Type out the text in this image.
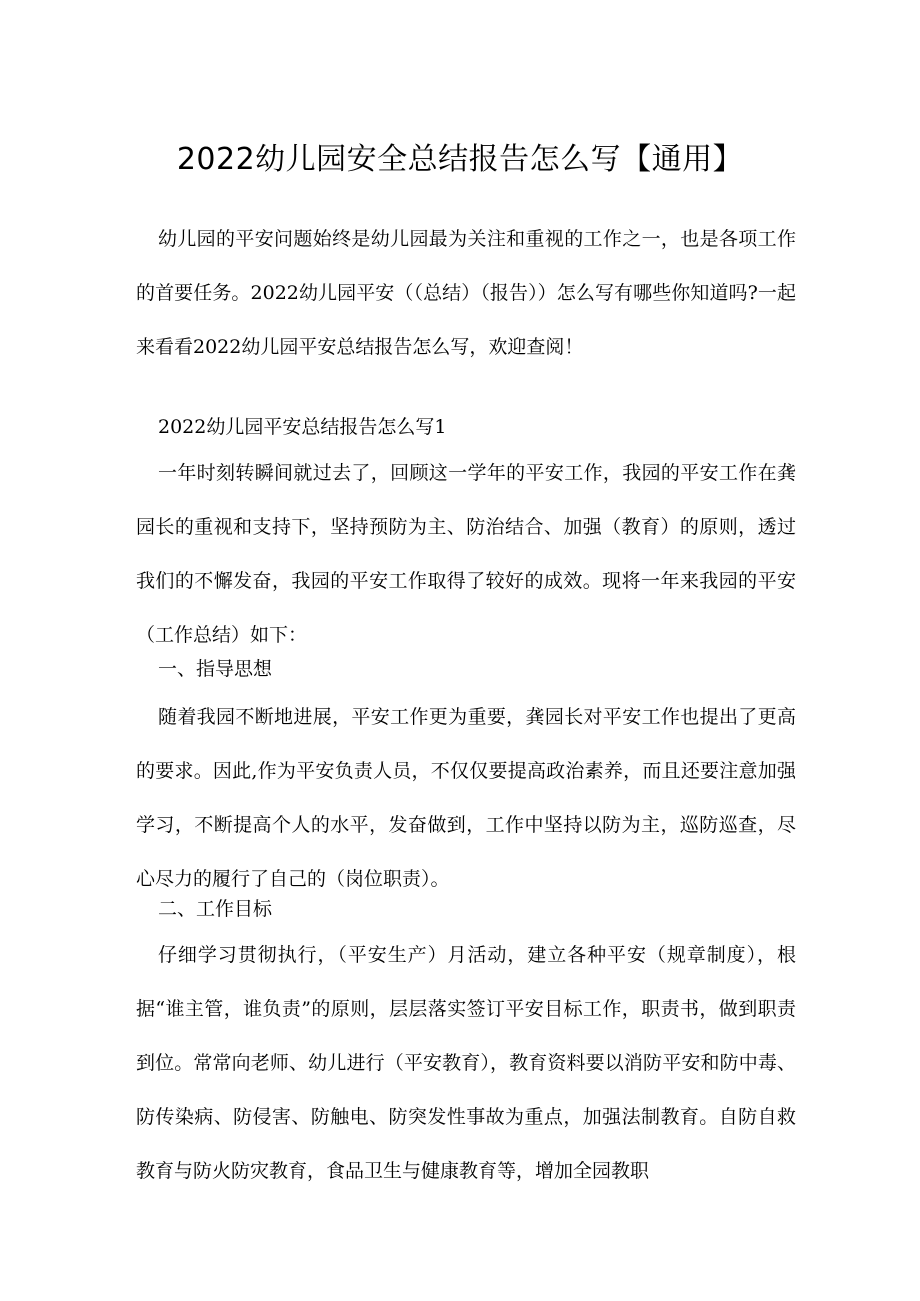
2022幼儿园安全总结报告怎么写【通用】

幼儿园的平安问题始终是幼儿园最为关注和重视的工作之一，也是各项工作的首要任务。2022幼儿园平安（（总结）（报告））怎么写有哪些你知道吗?一起来看看2022幼儿园平安总结报告怎么写，欢迎查阅！

2022幼儿园平安总结报告怎么写1

一年时刻转瞬间就过去了，回顾这一学年的平安工作，我园的平安工作在龚园长的重视和支持下，坚持预防为主、防治结合、加强（教育）的原则，透过我们的不懈发奋，我园的平安工作取得了较好的成效。现将一年来我园的平安（工作总结）如下：

一、指导思想

随着我园不断地进展，平安工作更为重要，龚园长对平安工作也提出了更高的要求。因此,作为平安负责人员，不仅仅要提高政治素养，而且还要注意加强学习，不断提高个人的水平，发奋做到，工作中坚持以防为主，巡防巡查，尽心尽力的履行了自己的（岗位职责）。

二、工作目标

仔细学习贯彻执行，（平安生产）月活动，建立各种平安（规章制度），根据“谁主管，谁负责”的原则，层层落实签订平安目标工作，职责书，做到职责到位。常常向老师、幼儿进行（平安教育），教育资料要以消防平安和防中毒、防传染病、防侵害、防触电、防突发性事故为重点，加强法制教育。自防自救教育与防火防灾教育，食品卫生与健康教育等，增加全园教职
